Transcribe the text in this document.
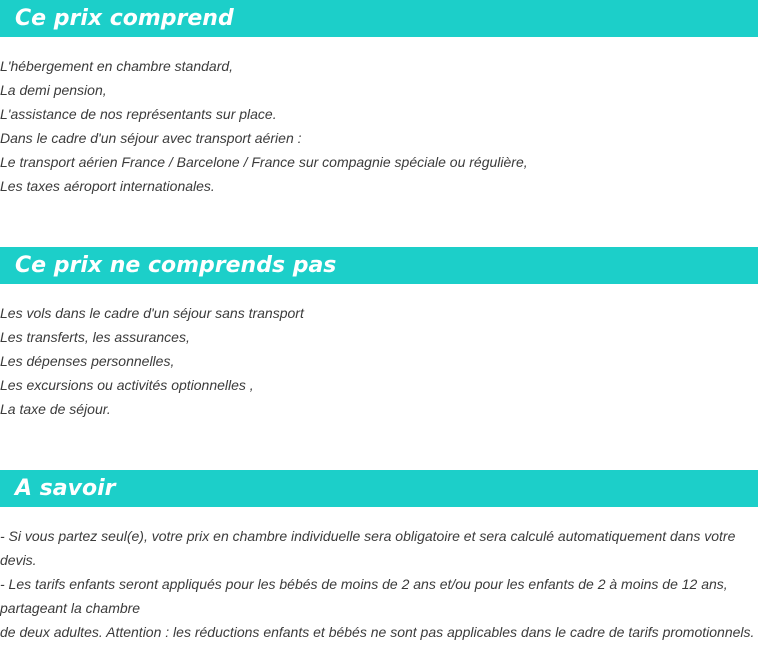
Ce prix comprend
L'hébergement en chambre standard,
La demi pension,
L'assistance de nos représentants sur place.
Dans le cadre d'un séjour avec transport aérien :
Le transport aérien France / Barcelone / France sur compagnie spéciale ou régulière,
Les taxes aéroport internationales.
Ce prix ne comprends pas
Les vols dans le cadre d'un séjour sans transport
Les transferts, les assurances,
Les dépenses personnelles,
Les excursions ou activités optionnelles ,
La taxe de séjour.
A savoir
- Si vous partez seul(e), votre prix en chambre individuelle sera obligatoire et sera calculé automatiquement dans votre devis.
- Les tarifs enfants seront appliqués pour les bébés de moins de 2 ans et/ou pour les enfants de 2 à moins de 12 ans, partageant la chambre
de deux adultes. Attention : les réductions enfants et bébés ne sont pas applicables dans le cadre de tarifs promotionnels.
